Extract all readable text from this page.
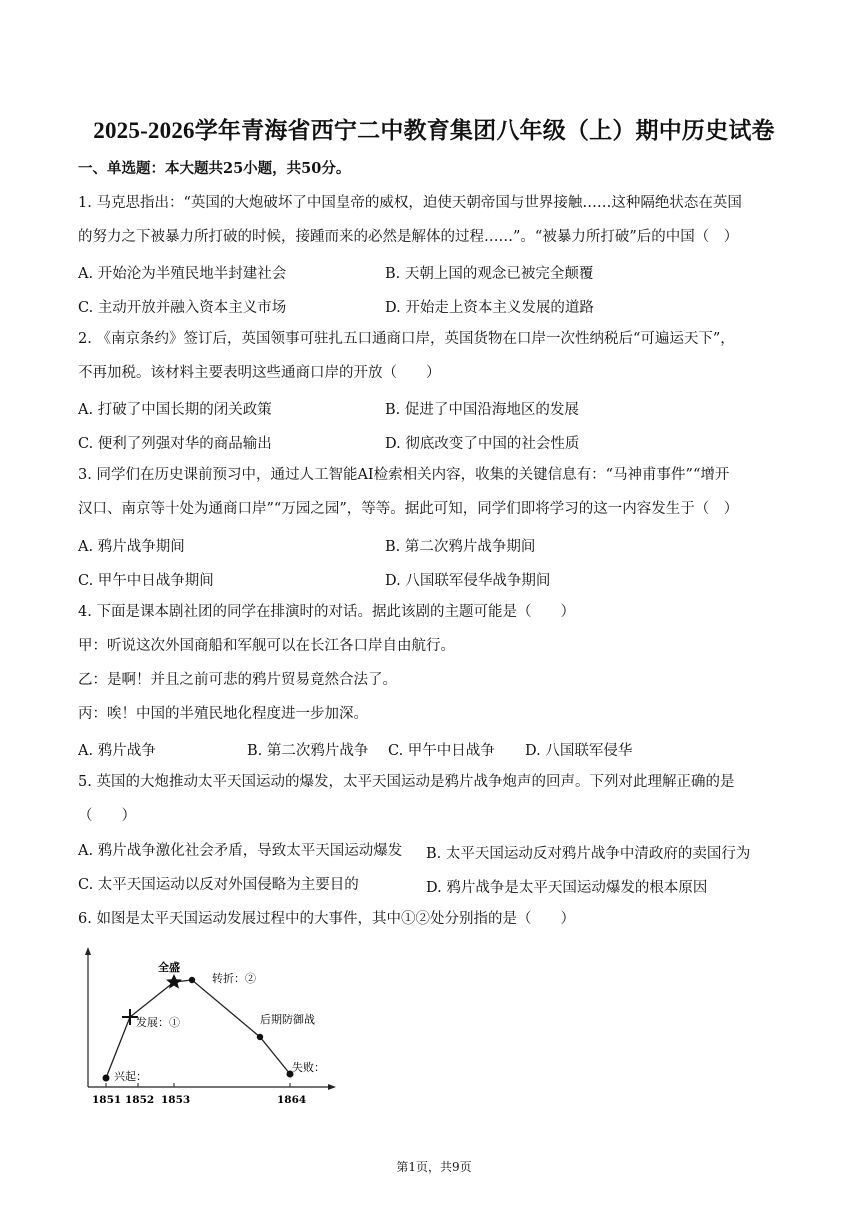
2025-2026学年青海省西宁二中教育集团八年级（上）期中历史试卷
一、单选题：本大题共25小题，共50分。
1. 马克思指出：“英国的大炮破坏了中国皇帝的威权，迫使天朝帝国与世界接触……这种隔绝状态在英国
的努力之下被暴力所打破的时候，接踵而来的必然是解体的过程……”。“被暴力所打破”后的中国（　）
A. 开始沦为半殖民地半封建社会	B. 天朝上国的观念已被完全颠覆
C. 主动开放并融入资本主义市场	D. 开始走上资本主义发展的道路
2. 《南京条约》签订后，英国领事可驻扎五口通商口岸，英国货物在口岸一次性纳税后“可遍运天下”，
不再加税。该材料主要表明这些通商口岸的开放（　　）
A. 打破了中国长期的闭关政策	B. 促进了中国沿海地区的发展
C. 便利了列强对华的商品输出	D. 彻底改变了中国的社会性质
3. 同学们在历史课前预习中，通过人工智能AI检索相关内容，收集的关键信息有：“马神甫事件”“增开
汉口、南京等十处为通商口岸”“万园之园”，等等。据此可知，同学们即将学习的这一内容发生于（　）
A. 鸦片战争期间	B. 第二次鸦片战争期间
C. 甲午中日战争期间	D. 八国联军侵华战争期间
4. 下面是课本剧社团的同学在排演时的对话。据此该剧的主题可能是（　　）
甲：听说这次外国商船和军舰可以在长江各口岸自由航行。
乙：是啊！并且之前可悲的鸦片贸易竟然合法了。
丙：唉！中国的半殖民地化程度进一步加深。
A. 鸦片战争	B. 第二次鸦片战争 C. 甲午中日战争 D. 八国联军侵华
5. 英国的大炮推动太平天国运动的爆发，太平天国运动是鸦片战争炮声的回声。下列对此理解正确的是
（　　）
A. 鸦片战争激化社会矛盾，导致太平天国运动爆发 B. 太平天国运动反对鸦片战争中清政府的卖国行为
C. 太平天国运动以反对外国侵略为主要目的	D. 鸦片战争是太平天国运动爆发的根本原因
6. 如图是太平天国运动发展过程中的大事件，其中①②处分别指的是（　　）
兴起：
发展：①
全盛
转折：②
后期防御战
失败：
1851 1852 1853	1864
第1页，共9页
